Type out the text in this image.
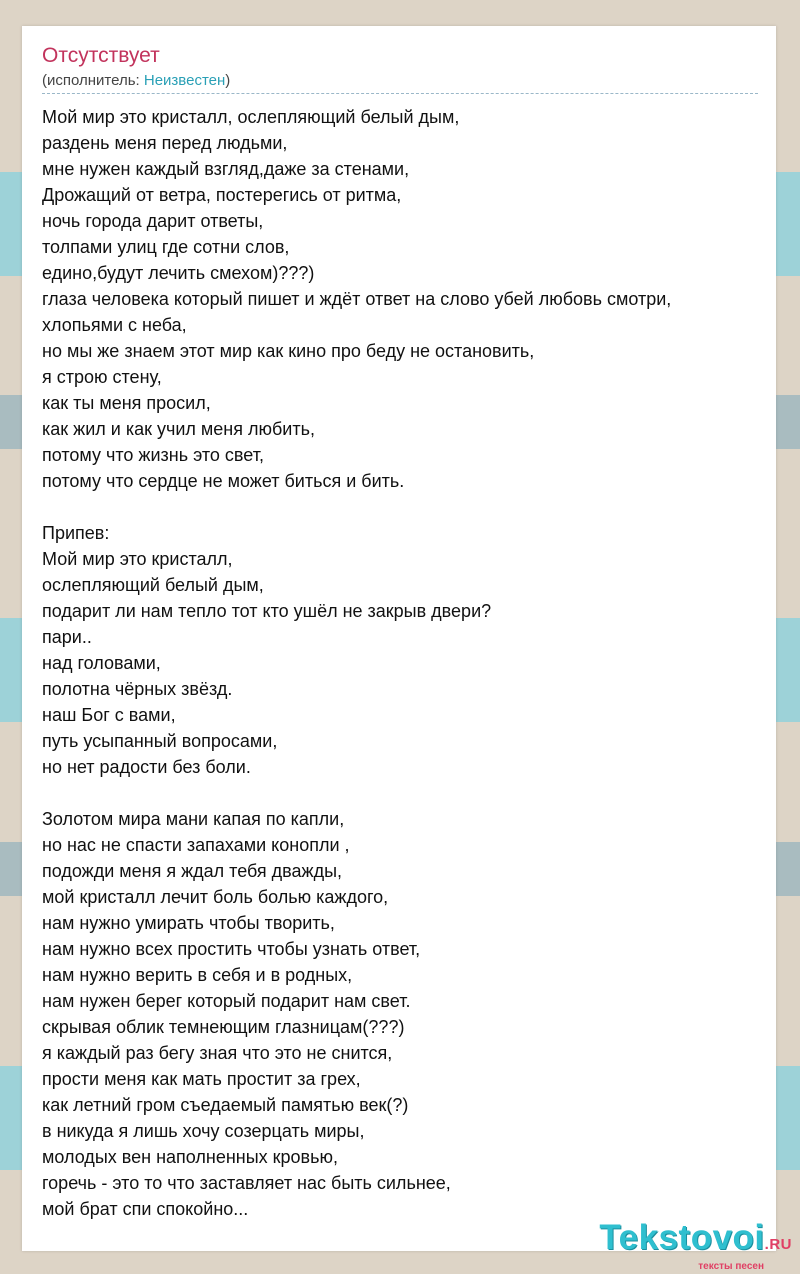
Отсутствует
(исполнитель: Неизвестен)
Мой мир это кристалл, ослепляющий белый дым,
раздень меня перед людьми,
мне нужен каждый взгляд,даже за стенами,
Дрожащий от ветра, постерегись от ритма,
ночь города дарит ответы,
толпами улиц где сотни слов,
едино,будут лечить смехом)???)
глаза человека который пишет и ждёт ответ на слово убей любовь смотри,
хлопьями с неба,
но мы же знаем этот мир как кино про беду не остановить,
я строю стену,
как ты меня просил,
как жил и как учил меня любить,
потому что жизнь это свет,
потому что сердце не может биться и бить.
Припев:
Мой мир это кристалл,
ослепляющий белый дым,
подарит ли нам тепло тот кто ушёл не закрыв двери?
пари..
над головами,
полотна чёрных звёзд.
наш Бог с вами,
путь усыпанный вопросами,
но нет радости без боли.
Золотом мира мани капая по капли,
но нас не спасти запахами конопли ,
подожди меня я ждал тебя дважды,
мой кристалл лечит боль болью каждого,
нам нужно умирать чтобы творить,
нам нужно всех простить чтобы узнать ответ,
нам нужно верить в себя и в родных,
нам нужен берег который подарит нам свет.
скрывая облик темнеющим глазницам(???)
я каждый раз бегу зная что это не снится,
прости меня как мать простит за грех,
как летний гром съедаемый памятью век(?)
в никуда я лишь хочу созерцать миры,
молодых вен наполненных кровью,
горечь - это то что заставляет нас быть сильнее,
мой брат спи спокойно...
Tekstovoi.RU
тексты песен
